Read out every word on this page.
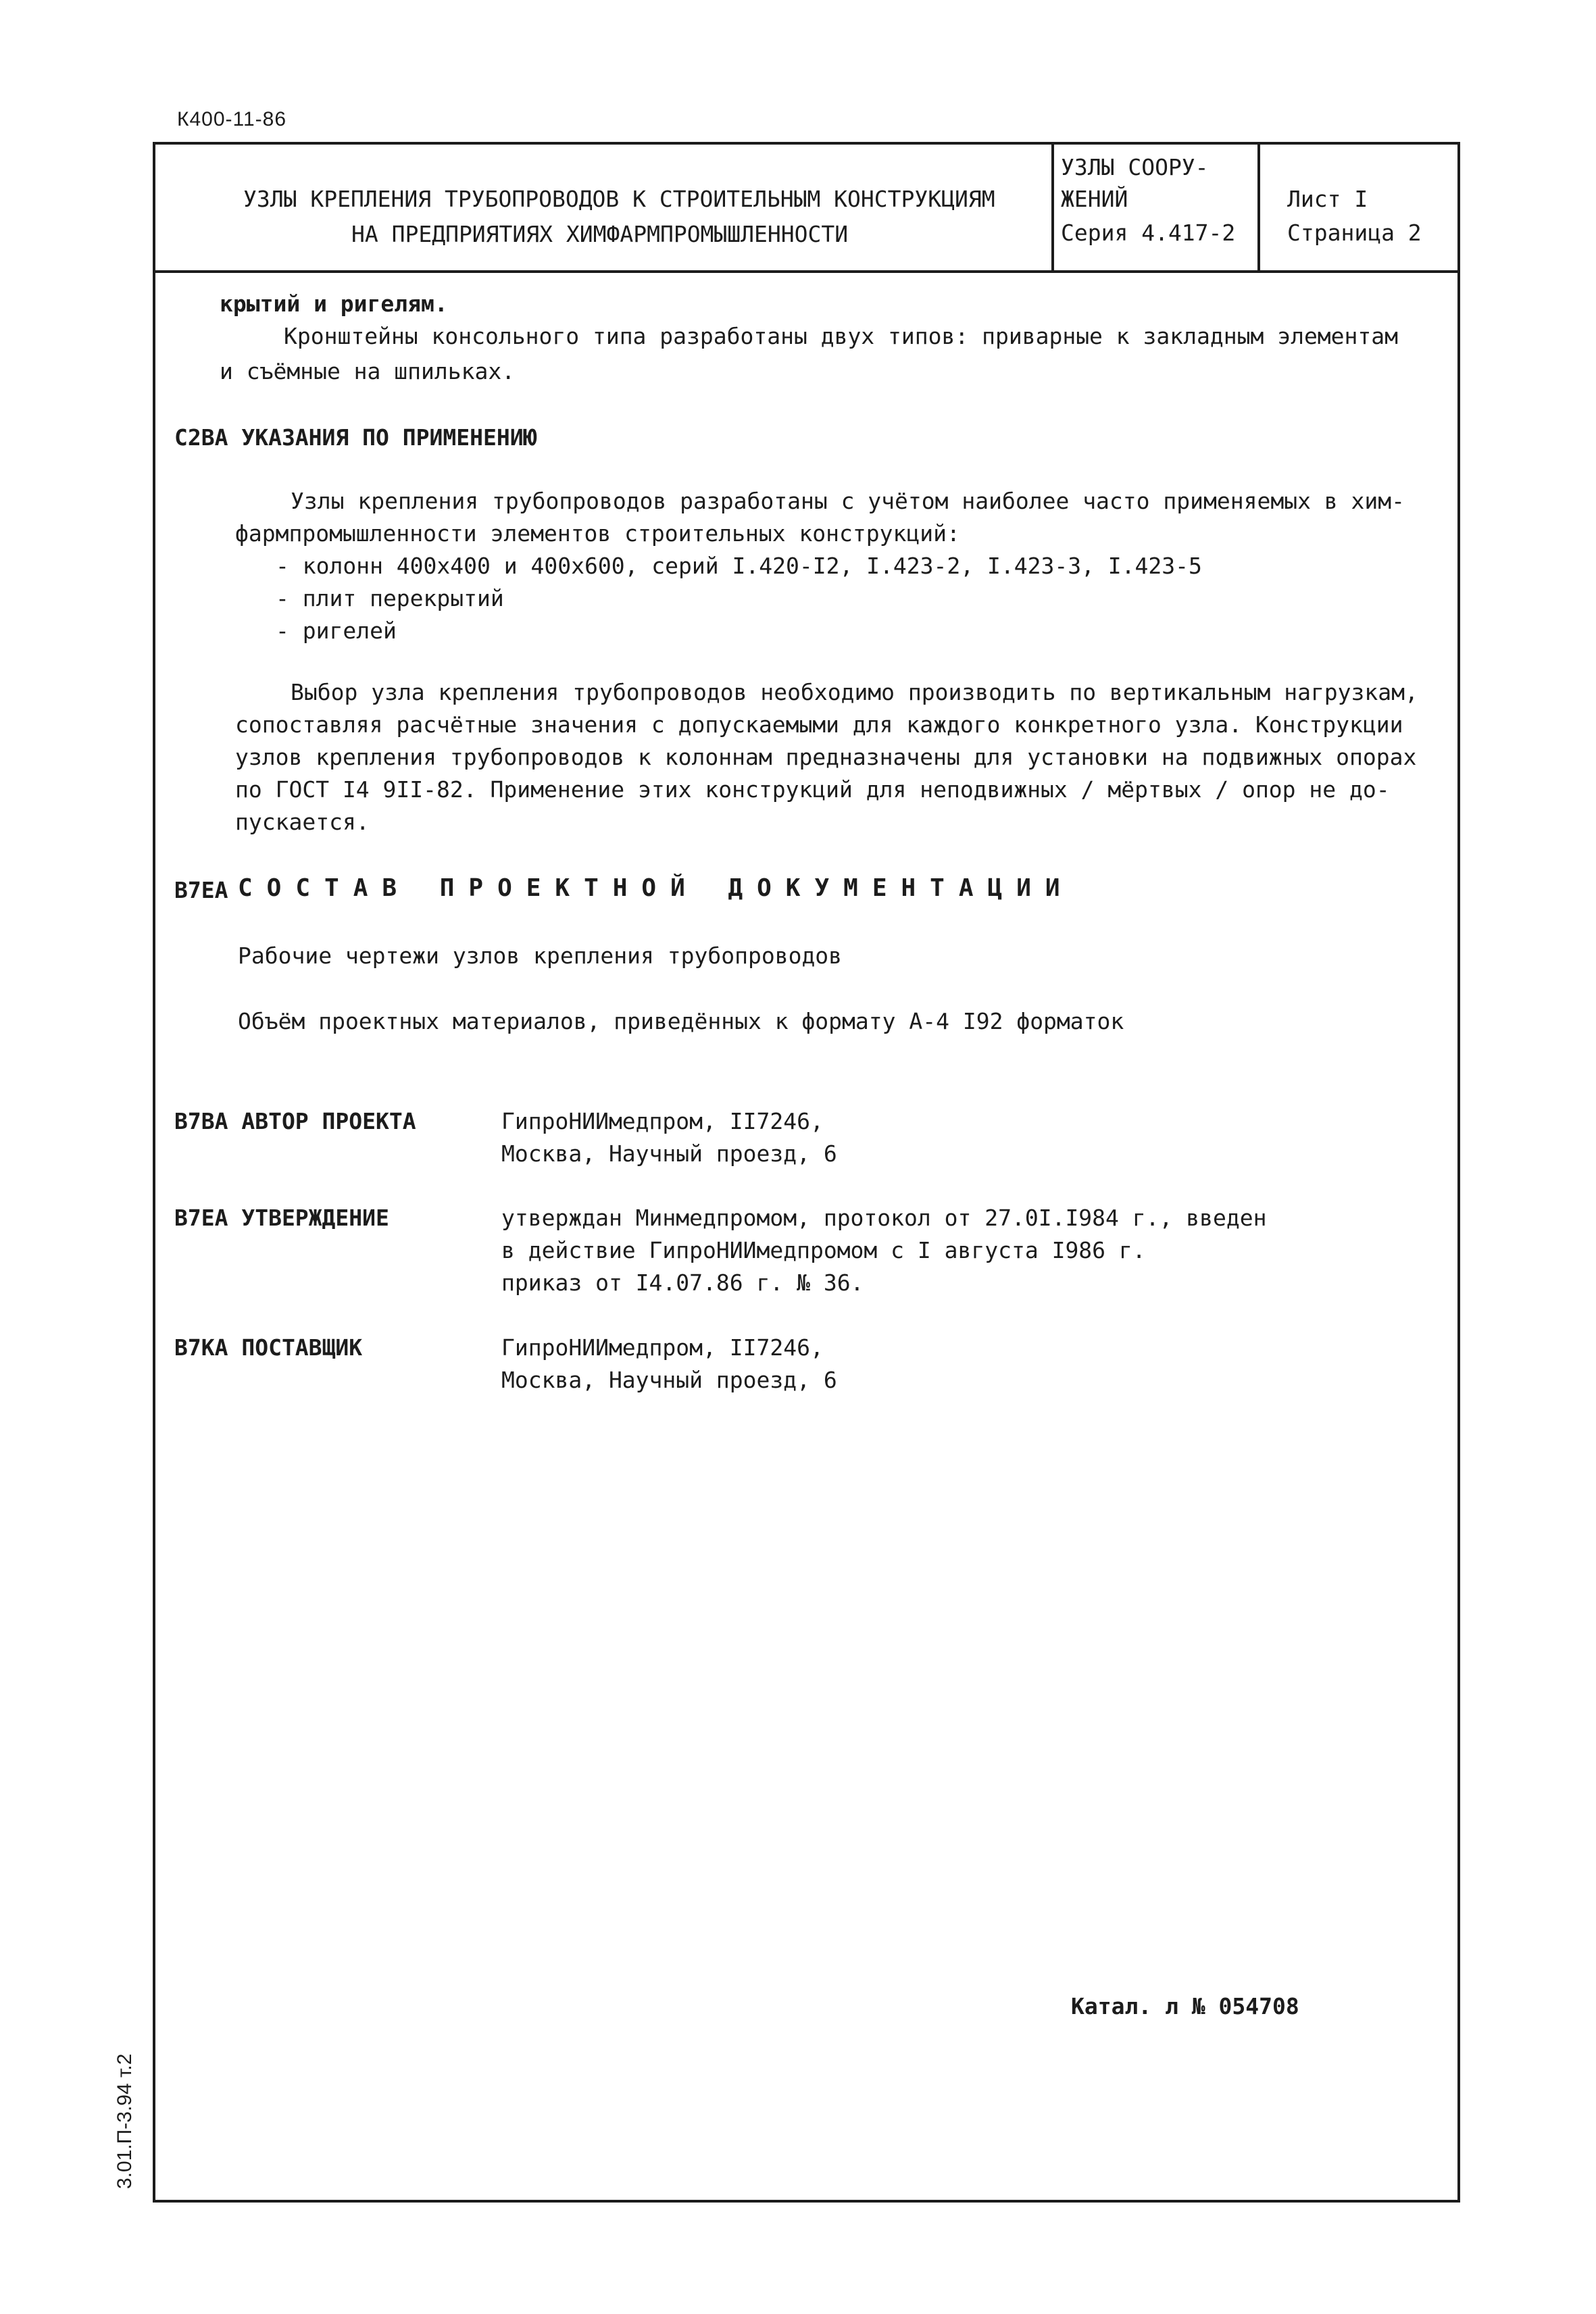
К400-11-86
УЗЛЫ КРЕПЛЕНИЯ ТРУБОПРОВОДОВ К СТРОИТЕЛЬНЫМ КОНСТРУКЦИЯМ
НА ПРЕДПРИЯТИЯХ ХИМФАРМПРОМЫШЛЕННОСТИ
УЗЛЫ СООРУ-
ЖЕНИЙ
Серия 4.417-2
Лист I
Страница 2
крытий и ригелям.
Кронштейны консольного типа разработаны двух типов: приварные к закладным элементам
и съёмные на шпильках.
С2ВА УКАЗАНИЯ ПО ПРИМЕНЕНИЮ
Узлы крепления трубопроводов разработаны с учётом наиболее часто применяемых в хим-
фармпромышленности элементов строительных конструкций:
- колонн 400х400 и 400х600, серий I.420-I2, I.423-2, I.423-3, I.423-5
- плит перекрытий
- ригелей
Выбор узла крепления трубопроводов необходимо производить по вертикальным нагрузкам,
сопоставляя расчётные значения с допускаемыми для каждого конкретного узла. Конструкции
узлов крепления трубопроводов к колоннам предназначены для установки на подвижных опорах
по ГОСТ I4 9II-82. Применение этих конструкций для неподвижных / мёртвых / опор не до-
пускается.
В7ЕА СОСТАВ ПРОЕКТНОЙ ДОКУМЕНТАЦИИ
Рабочие чертежи узлов крепления трубопроводов
Объём проектных материалов, приведённых к формату А-4 I92 форматок
В7ВА АВТОР ПРОЕКТА	ГипроНИИмедпром, II7246,
Москва, Научный проезд, 6
В7ЕА УТВЕРЖДЕНИЕ	утверждан Минмедпромом, протокол от 27.0I.I984 г., введен
в действие ГипроНИИмедпромом с I августа I986 г.
приказ от I4.07.86 г. № 36.
В7КА ПОСТАВЩИК	ГипроНИИмедпром, II7246,
Москва, Научный проезд, 6
Катал. л № 054708
3.01.П-3.94 т.2
